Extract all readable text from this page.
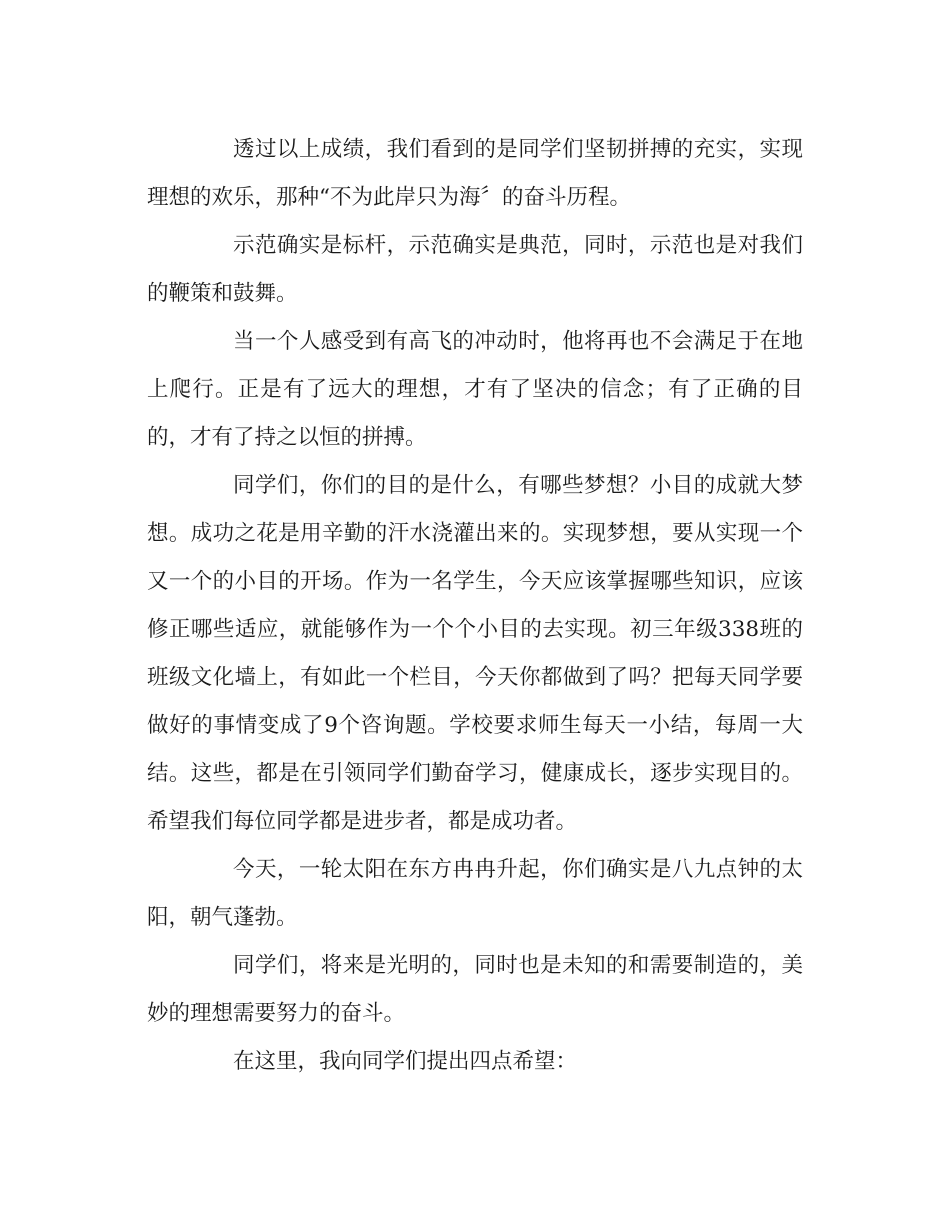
透过以上成绩，我们看到的是同学们坚韧拼搏的充实，实现理想的欢乐，那种“不为此岸只为海〞的奋斗历程。

示范确实是标杆，示范确实是典范，同时，示范也是对我们的鞭策和鼓舞。

当一个人感受到有高飞的冲动时，他将再也不会满足于在地上爬行。正是有了远大的理想，才有了坚决的信念；有了正确的目的，才有了持之以恒的拼搏。

同学们，你们的目的是什么，有哪些梦想？小目的成就大梦想。成功之花是用辛勤的汗水浇灌出来的。实现梦想，要从实现一个又一个的小目的开场。作为一名学生，今天应该掌握哪些知识，应该修正哪些适应，就能够作为一个个小目的去实现。初三年级338班的班级文化墙上，有如此一个栏目，今天你都做到了吗？把每天同学要做好的事情变成了9个咨询题。学校要求师生每天一小结，每周一大结。这些，都是在引领同学们勤奋学习，健康成长，逐步实现目的。希望我们每位同学都是进步者，都是成功者。

今天，一轮太阳在东方冉冉升起，你们确实是八九点钟的太阳，朝气蓬勃。

同学们，将来是光明的，同时也是未知的和需要制造的，美妙的理想需要努力的奋斗。

在这里，我向同学们提出四点希望：
